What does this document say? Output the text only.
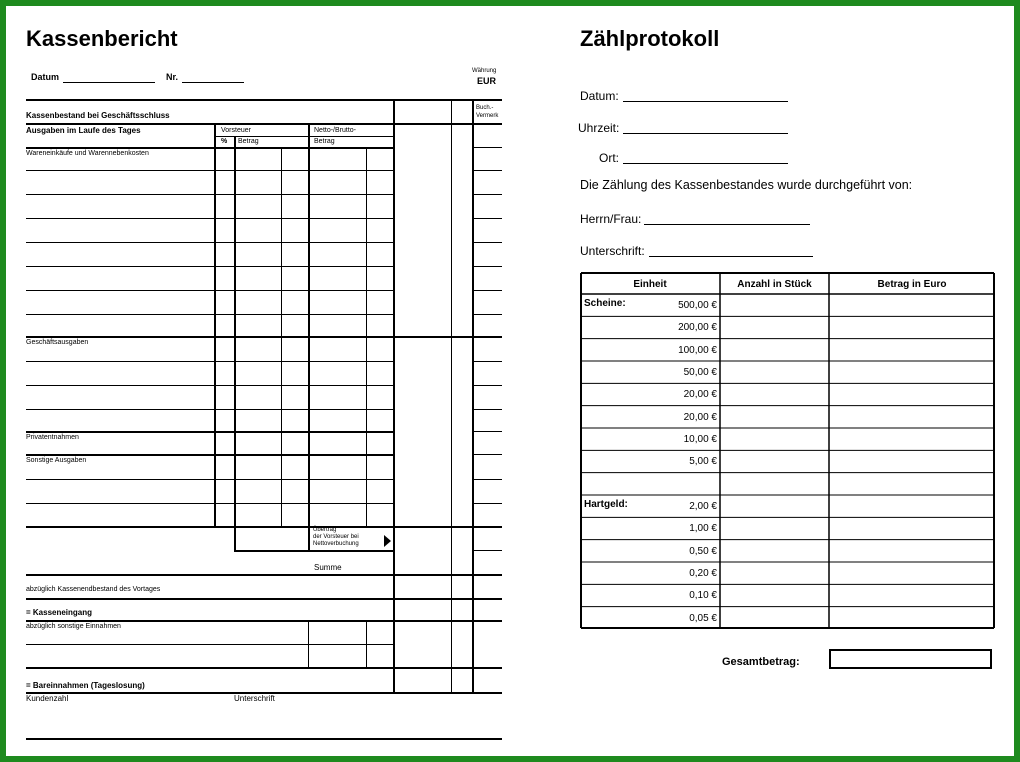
Kassenbericht
Datum	Nr.
Währung
EUR
Kassenbestand bei Geschäftsschluss
Buch.-Vermerk
Ausgaben im Laufe des Tages	Vorsteuer	Netto-/Brutto-
% Betrag	Betrag
Wareneinkäufe und Warennebenkosten
Geschäftsausgaben
Privatentnahmen
Sonstige Ausgaben
Übertrag
der Vorsteuer bei
Nettoverbuchung
Summe
abzüglich Kassenendbestand des Vortages
= Kasseneingang
abzüglich sonstige Einnahmen
= Bareinnahmen (Tageslosung)
Kundenzahl	Unterschrift
Zählprotokoll
Datum:
Uhrzeit:
Ort:
Die Zählung des Kassenbestandes wurde durchgeführt von:
Herrn/Frau:
Unterschrift:
Einheit	Anzahl in Stück	Betrag in Euro
Scheine:	500,00 €
200,00 €
100,00 €
50,00 €
20,00 €
20,00 €
10,00 €
5,00 €
Hartgeld:	2,00 €
1,00 €
0,50 €
0,20 €
0,10 €
0,05 €
Gesamtbetrag:
